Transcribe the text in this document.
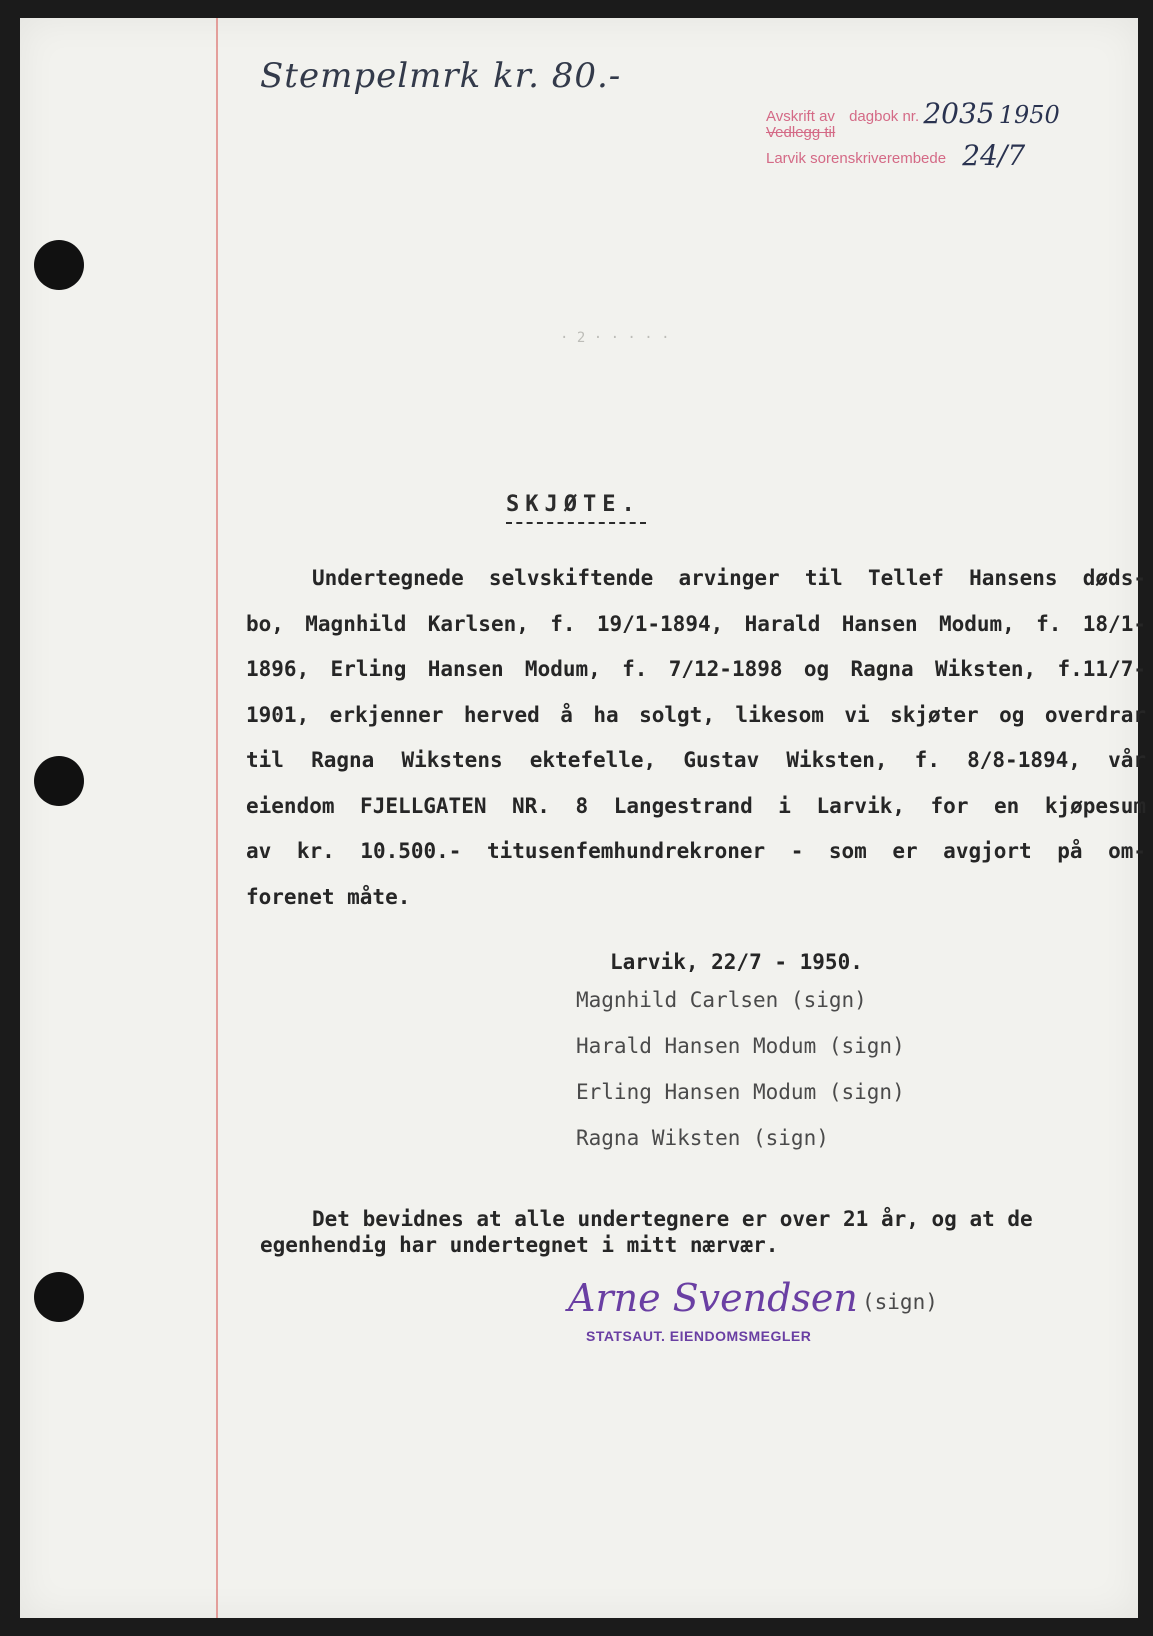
Stempelmrk kr. 80.-
Avskrift av dagbok nr. 2035 1950
Vedlegg til
Larvik sorenskriverembede 24/7
· 2 · · · · ·
SKJØTE.
Undertegnede selvskiftende arvinger til Tellef Hansens døds-
bo, Magnhild Karlsen, f. 19/1-1894, Harald Hansen Modum, f. 18/1-
1896, Erling Hansen Modum, f. 7/12-1898 og Ragna Wiksten, f.11/7-
1901, erkjenner herved å ha solgt, likesom vi skjøter og overdrar
til Ragna Wikstens ektefelle, Gustav Wiksten, f. 8/8-1894, vår
eiendom FJELLGATEN NR. 8 Langestrand i Larvik, for en kjøpesum
av kr. 10.500.- titusenfemhundrekroner - som er avgjort på om-
forenet måte.
Larvik, 22/7 - 1950.
Magnhild Carlsen (sign)
Harald Hansen Modum (sign)
Erling Hansen Modum (sign)
Ragna Wiksten (sign)
Det bevidnes at alle undertegnere er over 21 år, og at de
egenhendig har undertegnet i mitt nærvær.
Arne Svendsen (sign)
STATSAUT. EIENDOMSMEGLER
